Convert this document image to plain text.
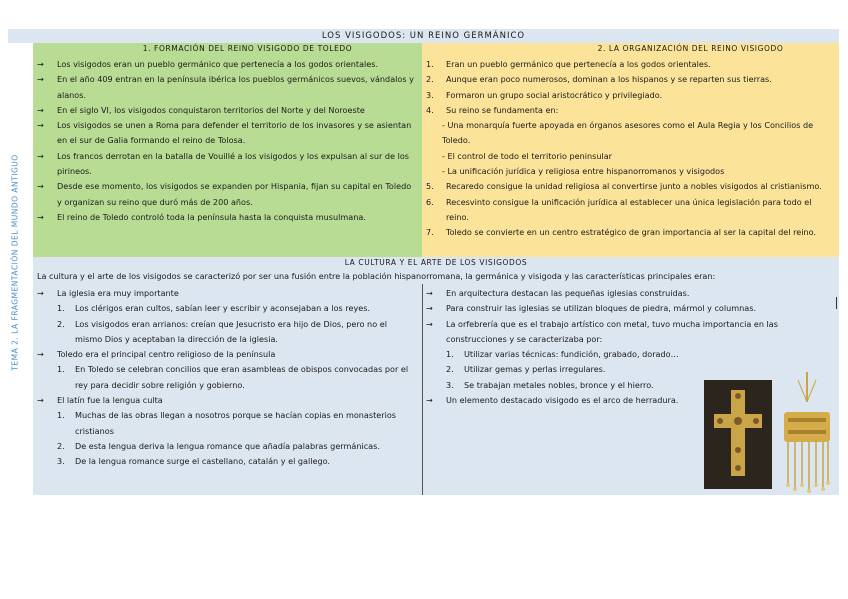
LOS VISIGODOS: UN REINO GERMÁNICO
TEMA 2. LA FRAGMENTACIÓN DEL MUNDO ANTIGUO
1. FORMACIÓN DEL REINO VISIGODO DE TOLEDO
→ Los visigodos eran un pueblo germánico que pertenecía a los godos orientales.
→ En el año 409 entran en la península ibérica los pueblos germánicos suevos, vándalos y alanos.
→ En el siglo VI, los visigodos conquistaron territorios del Norte y del Noroeste
→ Los visigodos se unen a Roma para defender el territorio de los invasores y se asientan en el sur de Galia formando el reino de Tolosa.
→ Los francos derrotan en la batalla de Vouillé a los visigodos y los expulsan al sur de los pirineos.
→ Desde ese momento, los visigodos se expanden por Hispania, fijan su capital en Toledo y organizan su reino que duró más de 200 años.
→ El reino de Toledo controló toda la península hasta la conquista musulmana.
2. LA ORGANIZACIÓN DEL REINO VISIGODO
1. Eran un pueblo germánico que pertenecía a los godos orientales.
2. Aunque eran poco numerosos, dominan a los hispanos y se reparten sus tierras.
3. Formaron un grupo social aristocrático y privilegiado.
4. Su reino se fundamenta en:
- Una monarquía fuerte apoyada en órganos asesores como el Aula Regia y los Concilios de Toledo.
- El control de todo el territorio peninsular
- La unificación jurídica y religiosa entre hispanorromanos y visigodos
5. Recaredo consigue la unidad religiosa al convertirse junto a nobles visigodos al cristianismo.
6. Recesvinto consigue la unificación jurídica al establecer una única legislación para todo el reino.
7. Toledo se convierte en un centro estratégico de gran importancia al ser la capital del reino.
LA CULTURA Y EL ARTE DE LOS VISIGODOS
La cultura y el arte de los visigodos se caracterizó por ser una fusión entre la población hispanorromana, la germánica y visigoda y las características principales eran:
→ La iglesia era muy importante
1. Los clérigos eran cultos, sabían leer y escribir y aconsejaban a los reyes.
2. Los visigodos eran arrianos: creían que Jesucristo era hijo de Dios, pero no el mismo Dios y aceptaban la dirección de la iglesia.
→ Toledo era el principal centro religioso de la península
1. En Toledo se celebran concilios que eran asambleas de obispos convocadas por el rey para decidir sobre religión y gobierno.
→ El latín fue la lengua culta
1. Muchas de las obras llegan a nosotros porque se hacían copias en monasterios cristianos
2. De esta lengua deriva la lengua romance que añadía palabras germánicas.
3. De la lengua romance surge el castellano, catalán y el gallego.
→ En arquitectura destacan las pequeñas iglesias construidas.
→ Para construir las iglesias se utilizan bloques de piedra, mármol y columnas.
→ La orfebrería que es el trabajo artístico con metal, tuvo mucha importancia en las construcciones y se caracterizaba por:
1. Utilizar varias técnicas: fundición, grabado, dorado…
2. Utilizar gemas y perlas irregulares.
3. Se trabajan metales nobles, bronce y el hierro.
→ Un elemento destacado visigodo es el arco de herradura.
